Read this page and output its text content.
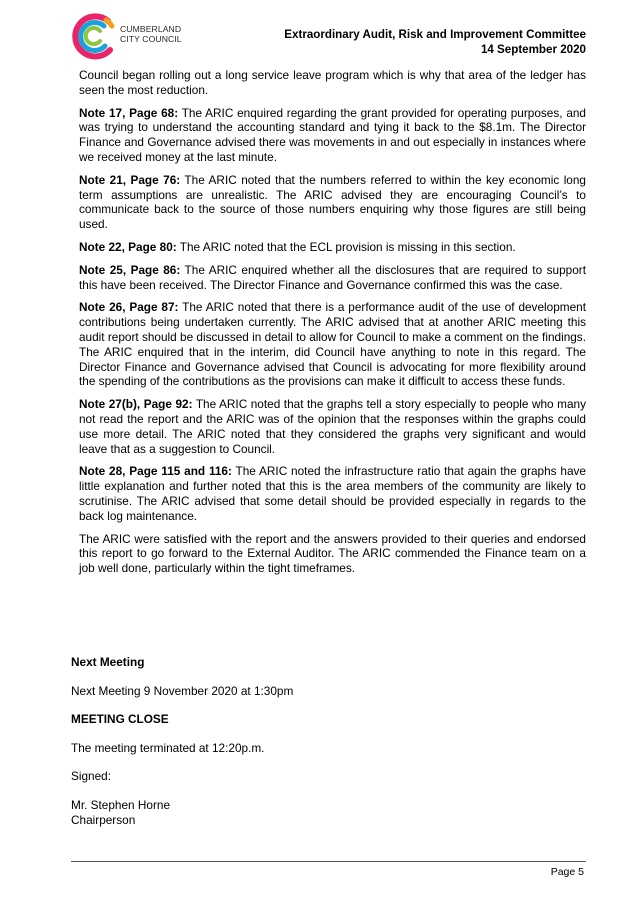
CUMBERLAND
CITY COUNCIL	Extraordinary Audit, Risk and Improvement Committee
14 September 2020

Council began rolling out a long service leave program which is why that area of the ledger has seen the most reduction.

Note 17, Page 68: The ARIC enquired regarding the grant provided for operating purposes, and was trying to understand the accounting standard and tying it back to the $8.1m. The Director Finance and Governance advised there was movements in and out especially in instances where we received money at the last minute.

Note 21, Page 76: The ARIC noted that the numbers referred to within the key economic long term assumptions are unrealistic. The ARIC advised they are encouraging Council’s to communicate back to the source of those numbers enquiring why those figures are still being used.

Note 22, Page 80: The ARIC noted that the ECL provision is missing in this section.

Note 25, Page 86: The ARIC enquired whether all the disclosures that are required to support this have been received. The Director Finance and Governance confirmed this was the case.

Note 26, Page 87: The ARIC noted that there is a performance audit of the use of development contributions being undertaken currently. The ARIC advised that at another ARIC meeting this audit report should be discussed in detail to allow for Council to make a comment on the findings. The ARIC enquired that in the interim, did Council have anything to note in this regard. The Director Finance and Governance advised that Council is advocating for more flexibility around the spending of the contributions as the provisions can make it difficult to access these funds.

Note 27(b), Page 92: The ARIC noted that the graphs tell a story especially to people who many not read the report and the ARIC was of the opinion that the responses within the graphs could use more detail. The ARIC noted that they considered the graphs very significant and would leave that as a suggestion to Council.

Note 28, Page 115 and 116: The ARIC noted the infrastructure ratio that again the graphs have little explanation and further noted that this is the area members of the community are likely to scrutinise. The ARIC advised that some detail should be provided especially in regards to the back log maintenance.

The ARIC were satisfied with the report and the answers provided to their queries and endorsed this report to go forward to the External Auditor. The ARIC commended the Finance team on a job well done, particularly within the tight timeframes.

Next Meeting
Next Meeting 9 November 2020 at 1:30pm
MEETING CLOSE
The meeting terminated at 12:20p.m.
Signed:
Mr. Stephen Horne
Chairperson
Page 5
